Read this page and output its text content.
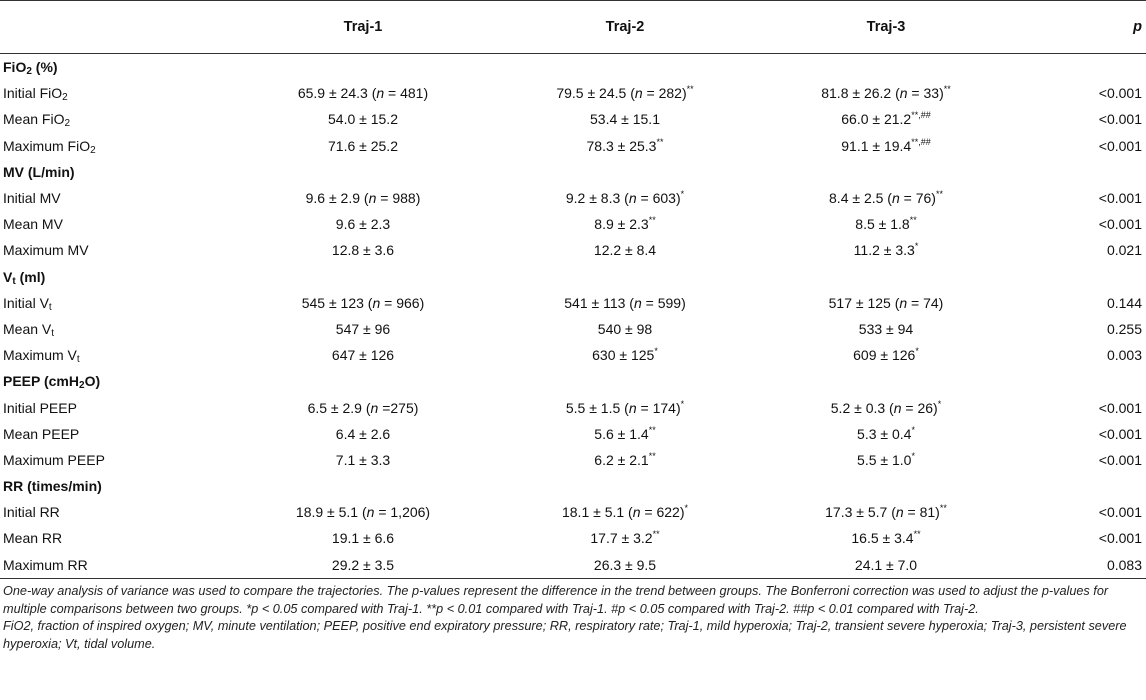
	Traj-1	Traj-2	Traj-3	p
FiO$_2$ (%)				
Initial FiO$_2$	65.9 ± 24.3 (n = 481)	79.5 ± 24.5 (n = 282)**	81.8 ± 26.2 (n = 33)**	<0.001
Mean FiO$_2$	54.0 ± 15.2	53.4 ± 15.1	66.0 ± 21.2**,##	<0.001
Maximum FiO$_2$	71.6 ± 25.2	78.3 ± 25.3**	91.1 ± 19.4**,##	<0.001
MV (L/min)				
Initial MV	9.6 ± 2.9 (n = 988)	9.2 ± 8.3 (n = 603)*	8.4 ± 2.5 (n = 76)**	<0.001
Mean MV	9.6 ± 2.3	8.9 ± 2.3**	8.5 ± 1.8**	<0.001
Maximum MV	12.8 ± 3.6	12.2 ± 8.4	11.2 ± 3.3*	0.021
$V_t$ (ml)				
Initial $V_t$	545 ± 123 (n = 966)	541 ± 113 (n = 599)	517 ± 125 (n = 74)	0.144
Mean $V_t$	547 ± 96	540 ± 98	533 ± 94	0.255
Maximum $V_t$	647 ± 126	630 ± 125*	609 ± 126*	0.003
PEEP (cmH$_2$O)				
Initial PEEP	6.5 ± 2.9 (n =275)	5.5 ± 1.5 (n = 174)*	5.2 ± 0.3 (n = 26)*	<0.001
Mean PEEP	6.4 ± 2.6	5.6 ± 1.4**	5.3 ± 0.4*	<0.001
Maximum PEEP	7.1 ± 3.3	6.2 ± 2.1**	5.5 ± 1.0*	<0.001
RR (times/min)				
Initial RR	18.9 ± 5.1 (n = 1,206)	18.1 ± 5.1 (n = 622)*	17.3 ± 5.7 (n = 81)**	<0.001
Mean RR	19.1 ± 6.6	17.7 ± 3.2**	16.5 ± 3.4**	<0.001
Maximum RR	29.2 ± 3.5	26.3 ± 9.5	24.1 ± 7.0	0.083

One-way analysis of variance was used to compare the trajectories. The p-values represent the difference in the trend between groups. The Bonferroni correction was used to adjust the p-values for multiple comparisons between two groups. *p < 0.05 compared with Traj-1. **p < 0.01 compared with Traj-1. #p < 0.05 compared with Traj-2. ##p < 0.01 compared with Traj-2.

FiO2, fraction of inspired oxygen; MV, minute ventilation; PEEP, positive end expiratory pressure; RR, respiratory rate; Traj-1, mild hyperoxia; Traj-2, transient severe hyperoxia; Traj-3, persistent severe hyperoxia; Vt, tidal volume.
